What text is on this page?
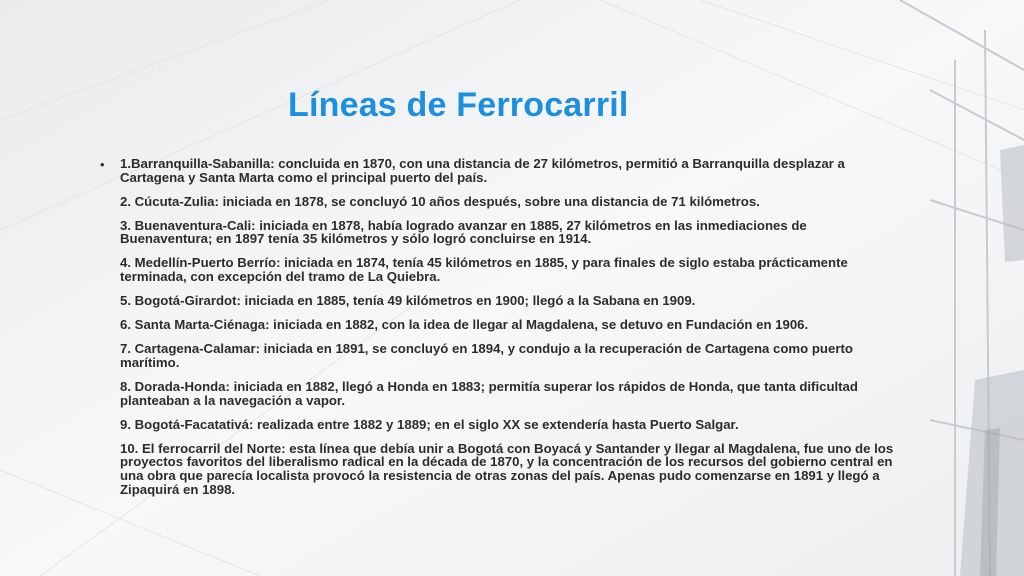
Líneas de Ferrocarril
• 1.Barranquilla-Sabanilla: concluida en 1870, con una distancia de 27 kilómetros, permitió a Barranquilla desplazar a Cartagena y Santa Marta como el principal puerto del país.

2. Cúcuta-Zulia: iniciada en 1878, se concluyó 10 años después, sobre una distancia de 71 kilómetros.

3. Buenaventura-Cali: iniciada en 1878, había logrado avanzar en 1885, 27 kilómetros en las inmediaciones de Buenaventura; en 1897 tenía 35 kilómetros y sólo logró concluirse en 1914.

4. Medellín-Puerto Berrío: iniciada en 1874, tenía 45 kilómetros en 1885, y para finales de siglo estaba prácticamente terminada, con excepción del tramo de La Quiebra.

5. Bogotá-Girardot: iniciada en 1885, tenía 49 kilómetros en 1900; llegó a la Sabana en 1909.

6. Santa Marta-Ciénaga: iniciada en 1882, con la idea de llegar al Magdalena, se detuvo en Fundación en 1906.

7. Cartagena-Calamar: iniciada en 1891, se concluyó en 1894, y condujo a la recuperación de Cartagena como puerto marítimo.

8. Dorada-Honda: iniciada en 1882, llegó a Honda en 1883; permitía superar los rápidos de Honda, que tanta dificultad planteaban a la navegación a vapor.

9. Bogotá-Facatativá: realizada entre 1882 y 1889; en el siglo XX se extendería hasta Puerto Salgar.

10. El ferrocarril del Norte: esta línea que debía unir a Bogotá con Boyacá y Santander y llegar al Magdalena, fue uno de los proyectos favoritos del liberalismo radical en la década de 1870, y la concentración de los recursos del gobierno central en una obra que parecía localista provocó la resistencia de otras zonas del país. Apenas pudo comenzarse en 1891 y llegó a Zipaquirá en 1898.
